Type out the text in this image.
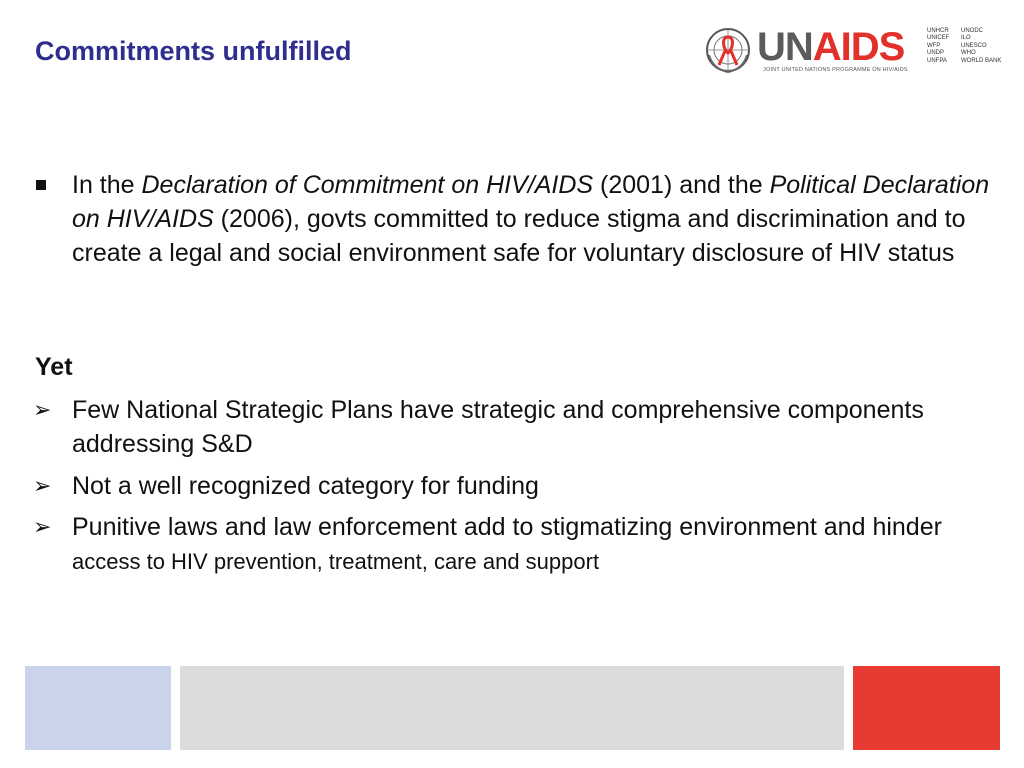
Commitments unfulfilled	UNAIDS
JOINT UNITED NATIONS PROGRAMME ON HIV/AIDS
UNHCR
UNICEF
WFP
UNDP
UNFPA
UNODC
ILO
UNESCO
WHO
WORLD BANK

In the Declaration of Commitment on HIV/AIDS (2001) and the Political Declaration on HIV/AIDS (2006), govts committed to reduce stigma and discrimination and to create a legal and social environment safe for voluntary disclosure of HIV status

Yet
➢ Few National Strategic Plans have strategic and comprehensive components addressing S&D

➢ Not a well recognized category for funding

➢ Punitive laws and law enforcement add to stigmatizing environment and hinder access to HIV prevention, treatment, care and support
